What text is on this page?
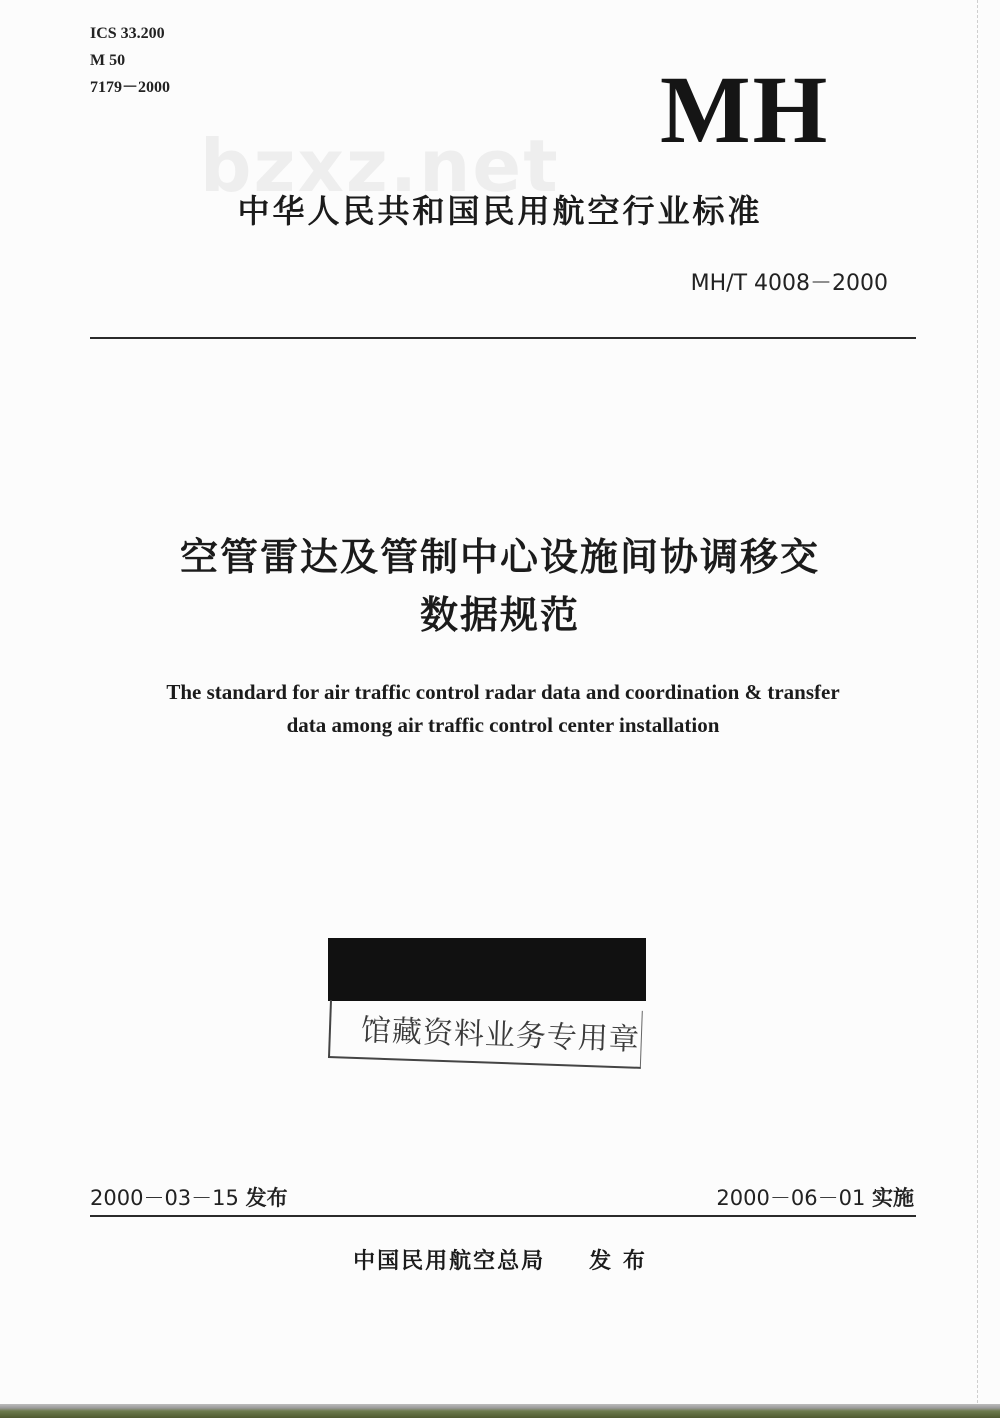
ICS 33.200
M 50
7179－2000
bzxz.net
MH
中华人民共和国民用航空行业标准
MH/T 4008－2000
空管雷达及管制中心设施间协调移交
数据规范
The standard for air traffic control radar data and coordination & transfer
data among air traffic control center installation
馆藏资料业务专用章
2000－03－15 发布	2000－06－01 实施
中国民用航空总局 发 布
